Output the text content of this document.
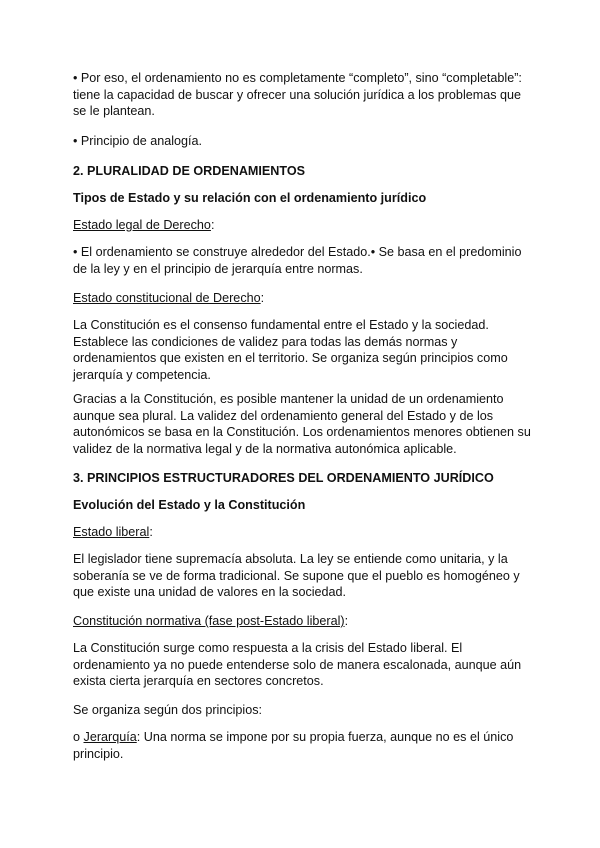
• Por eso, el ordenamiento no es completamente “completo”, sino “completable”: tiene la capacidad de buscar y ofrecer una solución jurídica a los problemas que se le plantean.

• Principio de analogía.

2. PLURALIDAD DE ORDENAMIENTOS

Tipos de Estado y su relación con el ordenamiento jurídico

Estado legal de Derecho:

• El ordenamiento se construye alrededor del Estado.• Se basa en el predominio de la ley y en el principio de jerarquía entre normas.

Estado constitucional de Derecho:

La Constitución es el consenso fundamental entre el Estado y la sociedad. Establece las condiciones de validez para todas las demás normas y ordenamientos que existen en el territorio. Se organiza según principios como jerarquía y competencia.

Gracias a la Constitución, es posible mantener la unidad de un ordenamiento aunque sea plural. La validez del ordenamiento general del Estado y de los autonómicos se basa en la Constitución. Los ordenamientos menores obtienen su validez de la normativa legal y de la normativa autonómica aplicable.

3. PRINCIPIOS ESTRUCTURADORES DEL ORDENAMIENTO JURÍDICO

Evolución del Estado y la Constitución

Estado liberal:

El legislador tiene supremacía absoluta. La ley se entiende como unitaria, y la soberanía se ve de forma tradicional. Se supone que el pueblo es homogéneo y que existe una unidad de valores en la sociedad.

Constitución normativa (fase post-Estado liberal):

La Constitución surge como respuesta a la crisis del Estado liberal. El ordenamiento ya no puede entenderse solo de manera escalonada, aunque aún exista cierta jerarquía en sectores concretos.

Se organiza según dos principios:

o Jerarquía: Una norma se impone por su propia fuerza, aunque no es el único principio.
